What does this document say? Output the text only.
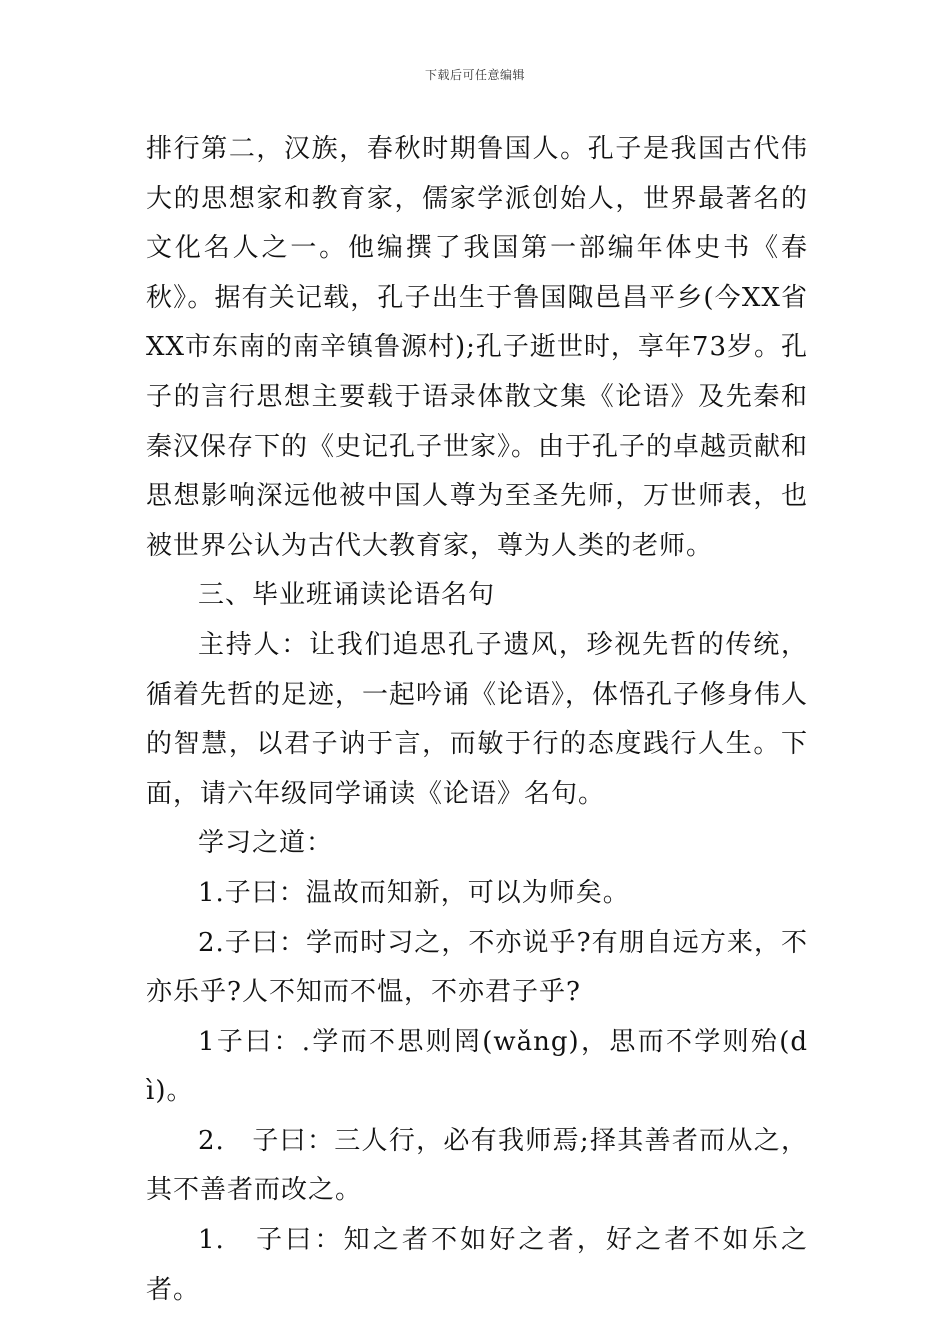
下载后可任意编辑

排行第二，汉族，春秋时期鲁国人。孔子是我国古代伟大的思想家和教育家，儒家学派创始人，世界最著名的文化名人之一。他编撰了我国第一部编年体史书《春秋》。据有关记载，孔子出生于鲁国陬邑昌平乡(今XX省XX市东南的南辛镇鲁源村);孔子逝世时，享年73岁。孔子的言行思想主要载于语录体散文集《论语》及先秦和秦汉保存下的《史记孔子世家》。由于孔子的卓越贡献和思想影响深远他被中国人尊为至圣先师，万世师表，也被世界公认为古代大教育家，尊为人类的老师。

三、毕业班诵读论语名句

主持人：让我们追思孔子遗风，珍视先哲的传统，循着先哲的足迹，一起吟诵《论语》，体悟孔子修身伟人的智慧，以君子讷于言，而敏于行的态度践行人生。下面，请六年级同学诵读《论语》名句。

学习之道：

1.子曰：温故而知新，可以为师矣。

2.子曰：学而时习之，不亦说乎?有朋自远方来，不亦乐乎?人不知而不愠，不亦君子乎?

1子曰：.学而不思则罔(wǎng)，思而不学则殆(dì)。

2.　子曰：三人行，必有我师焉;择其善者而从之，其不善者而改之。

1.　子曰：知之者不如好之者，好之者不如乐之者。
